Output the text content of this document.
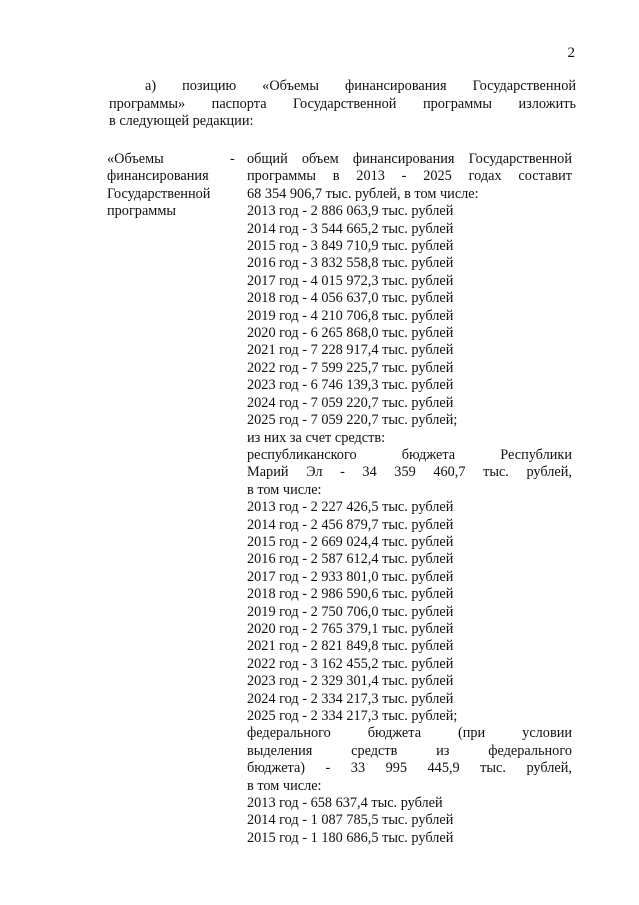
2
а) позицию «Объемы финансирования Государственной
программы» паспорта Государственной программы изложить
в следующей редакции:
«Объемы
финансирования
Государственной
программы
- общий объем финансирования Государственной
программы в 2013 - 2025 годах составит
68 354 906,7 тыс. рублей, в том числе:
2013 год - 2 886 063,9 тыс. рублей
2014 год - 3 544 665,2 тыс. рублей
2015 год - 3 849 710,9 тыс. рублей
2016 год - 3 832 558,8 тыс. рублей
2017 год - 4 015 972,3 тыс. рублей
2018 год - 4 056 637,0 тыс. рублей
2019 год - 4 210 706,8 тыс. рублей
2020 год - 6 265 868,0 тыс. рублей
2021 год - 7 228 917,4 тыс. рублей
2022 год - 7 599 225,7 тыс. рублей
2023 год - 6 746 139,3 тыс. рублей
2024 год - 7 059 220,7 тыс. рублей
2025 год - 7 059 220,7 тыс. рублей;
из них за счет средств:
республиканского бюджета Республики
Марий Эл - 34 359 460,7 тыс. рублей,
в том числе:
2013 год - 2 227 426,5 тыс. рублей
2014 год - 2 456 879,7 тыс. рублей
2015 год - 2 669 024,4 тыс. рублей
2016 год - 2 587 612,4 тыс. рублей
2017 год - 2 933 801,0 тыс. рублей
2018 год - 2 986 590,6 тыс. рублей
2019 год - 2 750 706,0 тыс. рублей
2020 год - 2 765 379,1 тыс. рублей
2021 год - 2 821 849,8 тыс. рублей
2022 год - 3 162 455,2 тыс. рублей
2023 год - 2 329 301,4 тыс. рублей
2024 год - 2 334 217,3 тыс. рублей
2025 год - 2 334 217,3 тыс. рублей;
федерального бюджета (при условии
выделения средств из федерального
бюджета) - 33 995 445,9 тыс. рублей,
в том числе:
2013 год - 658 637,4 тыс. рублей
2014 год - 1 087 785,5 тыс. рублей
2015 год - 1 180 686,5 тыс. рублей
